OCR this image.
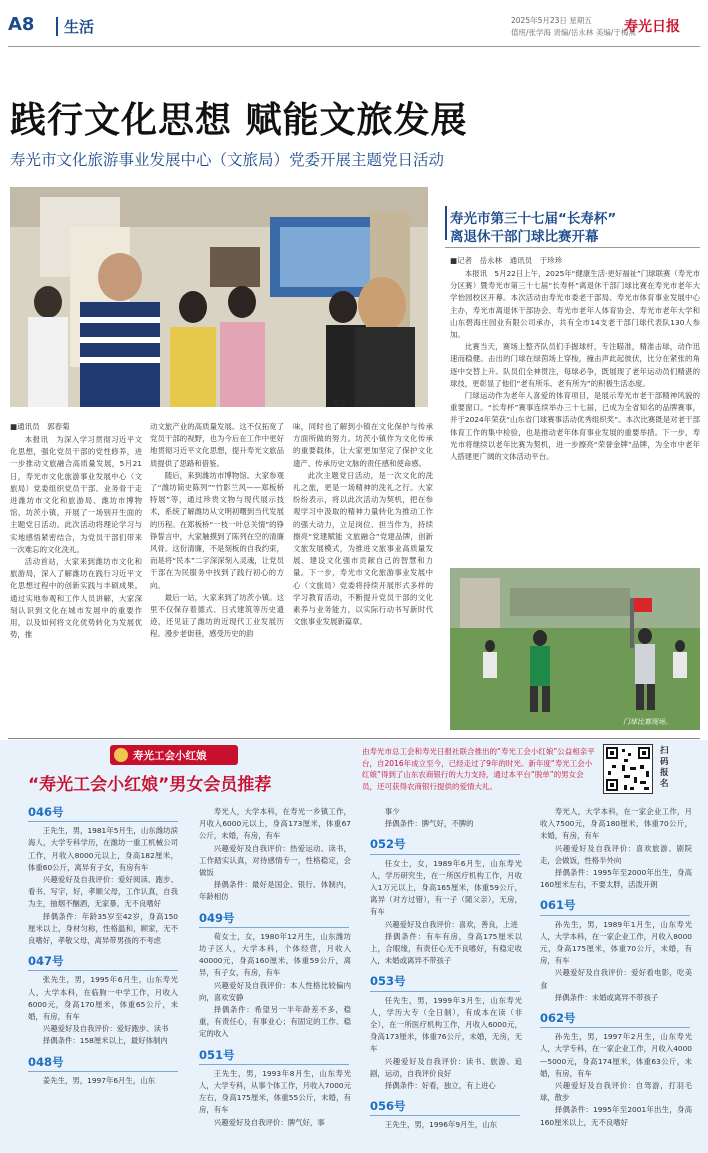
A8 生活	2025年5月23日 星期五
值班/张学海 责编/岳永林 美编/于梅燕
寿光日报
践行文化思想 赋能文旅发展
寿光市文化旅游事业发展中心（文旅局）党委开展主题党日活动
党员干部在参观学习。
寿光市第三十七届“长寿杯”
离退休干部门球比赛开幕
■记者　岳永林　通讯员　于珍珍

本报讯　5月22日上午，2025年“健康生活·更好福祉”门球联赛（寿光市分区赛）暨寿光市第三十七届“长寿杯”离退休干部门球比赛在寿光市老年大学怡园校区开幕。本次活动由寿光市委老干部局、寿光市体育事业发展中心主办，寿光市离退休干部协会、寿光市老年人体育协会、寿光市老年大学和山东碧海庄园业有限公司承办，共有全市14支老干部门球代表队130人参加。

比赛当天，赛场上整齐队员们手握球杆，专注瞄准，精准击球，动作迅速而稳健。击出的门球在绿茵场上穿梭，撞击声此起彼伏，比分在紧张的角逐中交替上升。队员们全神贯注，每球必争，既展现了老年运动员们精湛的球技，更彰显了他们“老有所乐、老有所为”的积极生活态度。

门球运动作为老年人喜爱的体育项目，是展示寿光市老干部精神风貌的重要窗口。“长寿杯”赛事连续举办三十七届，已成为全省知名的品牌赛事，并于2024年荣获“山东省门球赛事活动优秀组织奖”。本次比赛既是对老干部体育工作的集中检验，也是推动老年体育事业发展的重要举措。下一步，寿光市将继续以老年比赛为契机，进一步擦亮“荣誉金牌”品牌，为全市中老年人搭建更广阔的文体活动平台。

门球比赛现场。
■通讯员　郭春菊

本报讯　为深入学习贯彻习近平文化思想，强化党员干部的党性修养，进一步推动文旅融合高质量发展，5月21日，寿光市文化旅游事业发展中心（文旅局）党委组织党员干部、业务骨干走进潍坊市文化和旅游局、潍坊市博物馆、坊茨小镇，开展了一场别开生面的主题党日活动。此次活动将理论学习与实地感悟紧密结合，为党员干部们带来一次难忘的文化洗礼。

活动首站，大家来到潍坊市文化和旅游局，深入了解潍坊在践行习近平文化思想过程中的创新实践与丰硕成果。通过实地参观和工作人员讲解，大家深刻认识到文化在城市发展中的重要作用，以及如何将文化优势转化为发展优势，推

动文旅产业的高质量发展。这不仅拓宽了党员干部的视野，也为今后在工作中更好地贯彻习近平文化思想，提升寿光文旅品质提供了思路和借鉴。

随后，来到潍坊市博物馆。大家参观了“潍坊简史陈列”“竹影兰风——郑板桥特展”等，通过珍贵文物与现代展示技术，系统了解潍坊从文明初曙到当代发展的历程。在郑板桥“一枝一叶总关情”的铮铮誓言中，大家触摸到了陈列在空的清廉风骨。这份清廉，不是刻板的自我约束，而是将“民本”二字深深刻入灵魂，让党员干部在为民服务中找到了践行初心的方向。

最后一站，大家来到了坊茨小镇。这里不仅保存着德式、日式建筑等历史遗迹，还见证了潍坊的近现代工业发展历程。漫步老街巷，感受历史的韵

味，同时也了解到小镇在文化保护与传承方面所做的努力。坊茨小镇作为文化传承的重要载体，让大家更加坚定了保护文化遗产、传承历史文脉的责任感和使命感。

此次主题党日活动，是一次文化的洗礼之旅，更是一场精神的洗礼之行。大家纷纷表示，将以此次活动为契机，把在参观学习中汲取的精神力量转化为推动工作的强大动力，立足岗位、担当作为，持续擦亮“党建赋能 文旅融合”党建品牌，创新文旅发展模式，为推进文旅事业高质量发展、建设文化强市贡献自己的智慧和力量。下一步，寿光市文化旅游事业发展中心（文旅局）党委将持续开展形式多样的学习教育活动，不断提升党员干部的文化素养与业务能力，以实际行动书写新时代文旅事业发展新篇章。

寿光工会小红娘
“寿光工会小红娘”男女会员推荐
由寿光市总工会和寿光日报社联合推出的“寿光工会小红娘”公益相亲平台，自2016年成立至今，已经走过了9年的时光。新年度“寿光工会小红娘”得到了山东农商银行的大力支持，通过本平台“脱单”的男女会员，还可获得农商银行提供的爱情大礼。
扫码报名
046号

王先生，男，1981年5月生，山东潍坊滨海人，大学专科学历，在潍坊一重工机械公司工作，月收入8000元以上，身高182厘米，体重60公斤，离异有子女，有房有车

兴趣爱好及自我评价：爱好阅读、跑步、看书、写字，好，孝顺父母，工作认真，自我为主，抽烟不酗酒，无家暴，无不良嗜好

择偶条件：年龄35岁至42岁，身高150厘米以上，身材匀称，性格温和，顾家，无不良嗜好，孝敬父母，离异带男孩的不考虑

047号

张先生，男，1995年6月生，山东寿光人，大学本科，在临朐一中学工作，月收入6000元，身高170厘米，体重65公斤，未婚，有房，有车

兴趣爱好及自我评价：爱好跑步、读书

择偶条件：158厘米以上，最好体制内

048号

姜先生，男，1997年6月生，山东

寿光人，大学本科，在寿光一乡镇工作，月收入6000元以上，身高173厘米，体重67公斤，未婚，有房，有车

兴趣爱好及自我评价：热爱运动、读书，工作踏实认真，对待感情专一，性格稳定，会做饭

择偶条件：最好是国企、银行、体制内，年龄相仿

049号

荀女士，女，1980年12月生，山东潍坊坊子区人，大学本科，个体经营，月收入40000元，身高160厘米，体重59公斤，离异，有子女，有房，有车

兴趣爱好及自我评价：本人性格比较偏内向，喜欢安静

择偶条件：希望另一半年龄差不多，稳重，有责任心，有事业心；有固定的工作、稳定的收入

051号

王先生，男，1993年8月生，山东寿光人，大学专科，从事个体工作，月收入7000元左右，身高175厘米，体重55公斤，未婚，有房，有车

兴趣爱好及自我评价：脾气好，事

事少

择偶条件：脾气好，不脾的

052号

任女士，女，1989年6月生，山东寿光人，学历研究生，在一所医疗机构工作，月收入1万元以上，身高165厘米，体重59公斤，离异（对方过错），有一子（随父亲），无房，有车

兴趣爱好及自我评价：喜欢，善良，上进

择偶条件：有车有房，身高175厘米以上，合眼缘，有责任心无不良嗜好，有稳定收入，未婚或离异不带孩子

053号

任先生，男，1999年3月生，山东寿光人，学历大专（全日制），有成本在读（非全），在一所医疗机构工作，月收入6000元，身高173厘米，体重76公斤，未婚，无房，无车

兴趣爱好及自我评价：读书、旅游、追剧，运动，自我评价良好

择偶条件：好看，独立，有上进心

056号

王先生，男，1996年9月生，山东

寿光人，大学本科，在一家企业工作，月收入7500元，身高180厘米，体重70公斤，未婚，有房，有车

兴趣爱好及自我评价：喜欢旅游、剧院走，会做饭，性格半外向

择偶条件：1995年至2000年出生，身高160厘米左右，不要太胖，活泼开朗

061号

孙先生，男，1989年1月生，山东寿光人，大学本科，在一家企业工作，月收入8000元，身高175厘米，体重70公斤，未婚，有房，有车

兴趣爱好及自我评价：爱好看电影，吃美食

择偶条件：未婚或离异不带孩子

062号

孙先生，男，1997年2月生，山东寿光人，大学专科，在一家企业工作，月收入4000—5000元，身高174厘米，体重63公斤，未婚，有房，有车

兴趣爱好及自我评价：自驾游，打羽毛球，散步

择偶条件：1995年至2001年出生，身高160厘米以上，无不良嗜好
